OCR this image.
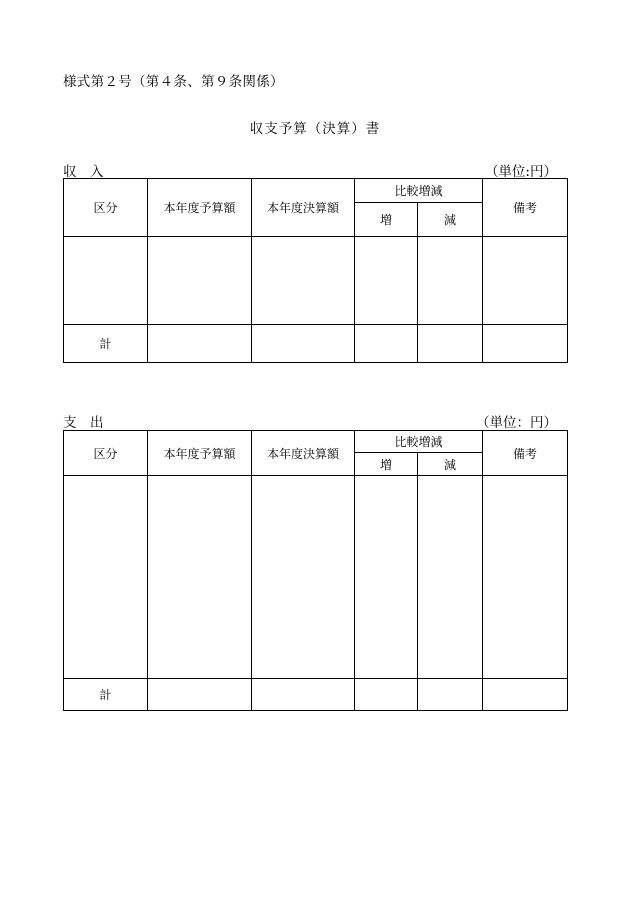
様式第２号（第４条、第９条関係）
収支予算（決算）書
収　入	（単位:円）
区分	本年度予算額	本年度決算額	比較増減		備考
			増	減	

計					
支　出	（単位：円）
区分	本年度予算額	本年度決算額	比較増減		備考
			増	減	

計					
